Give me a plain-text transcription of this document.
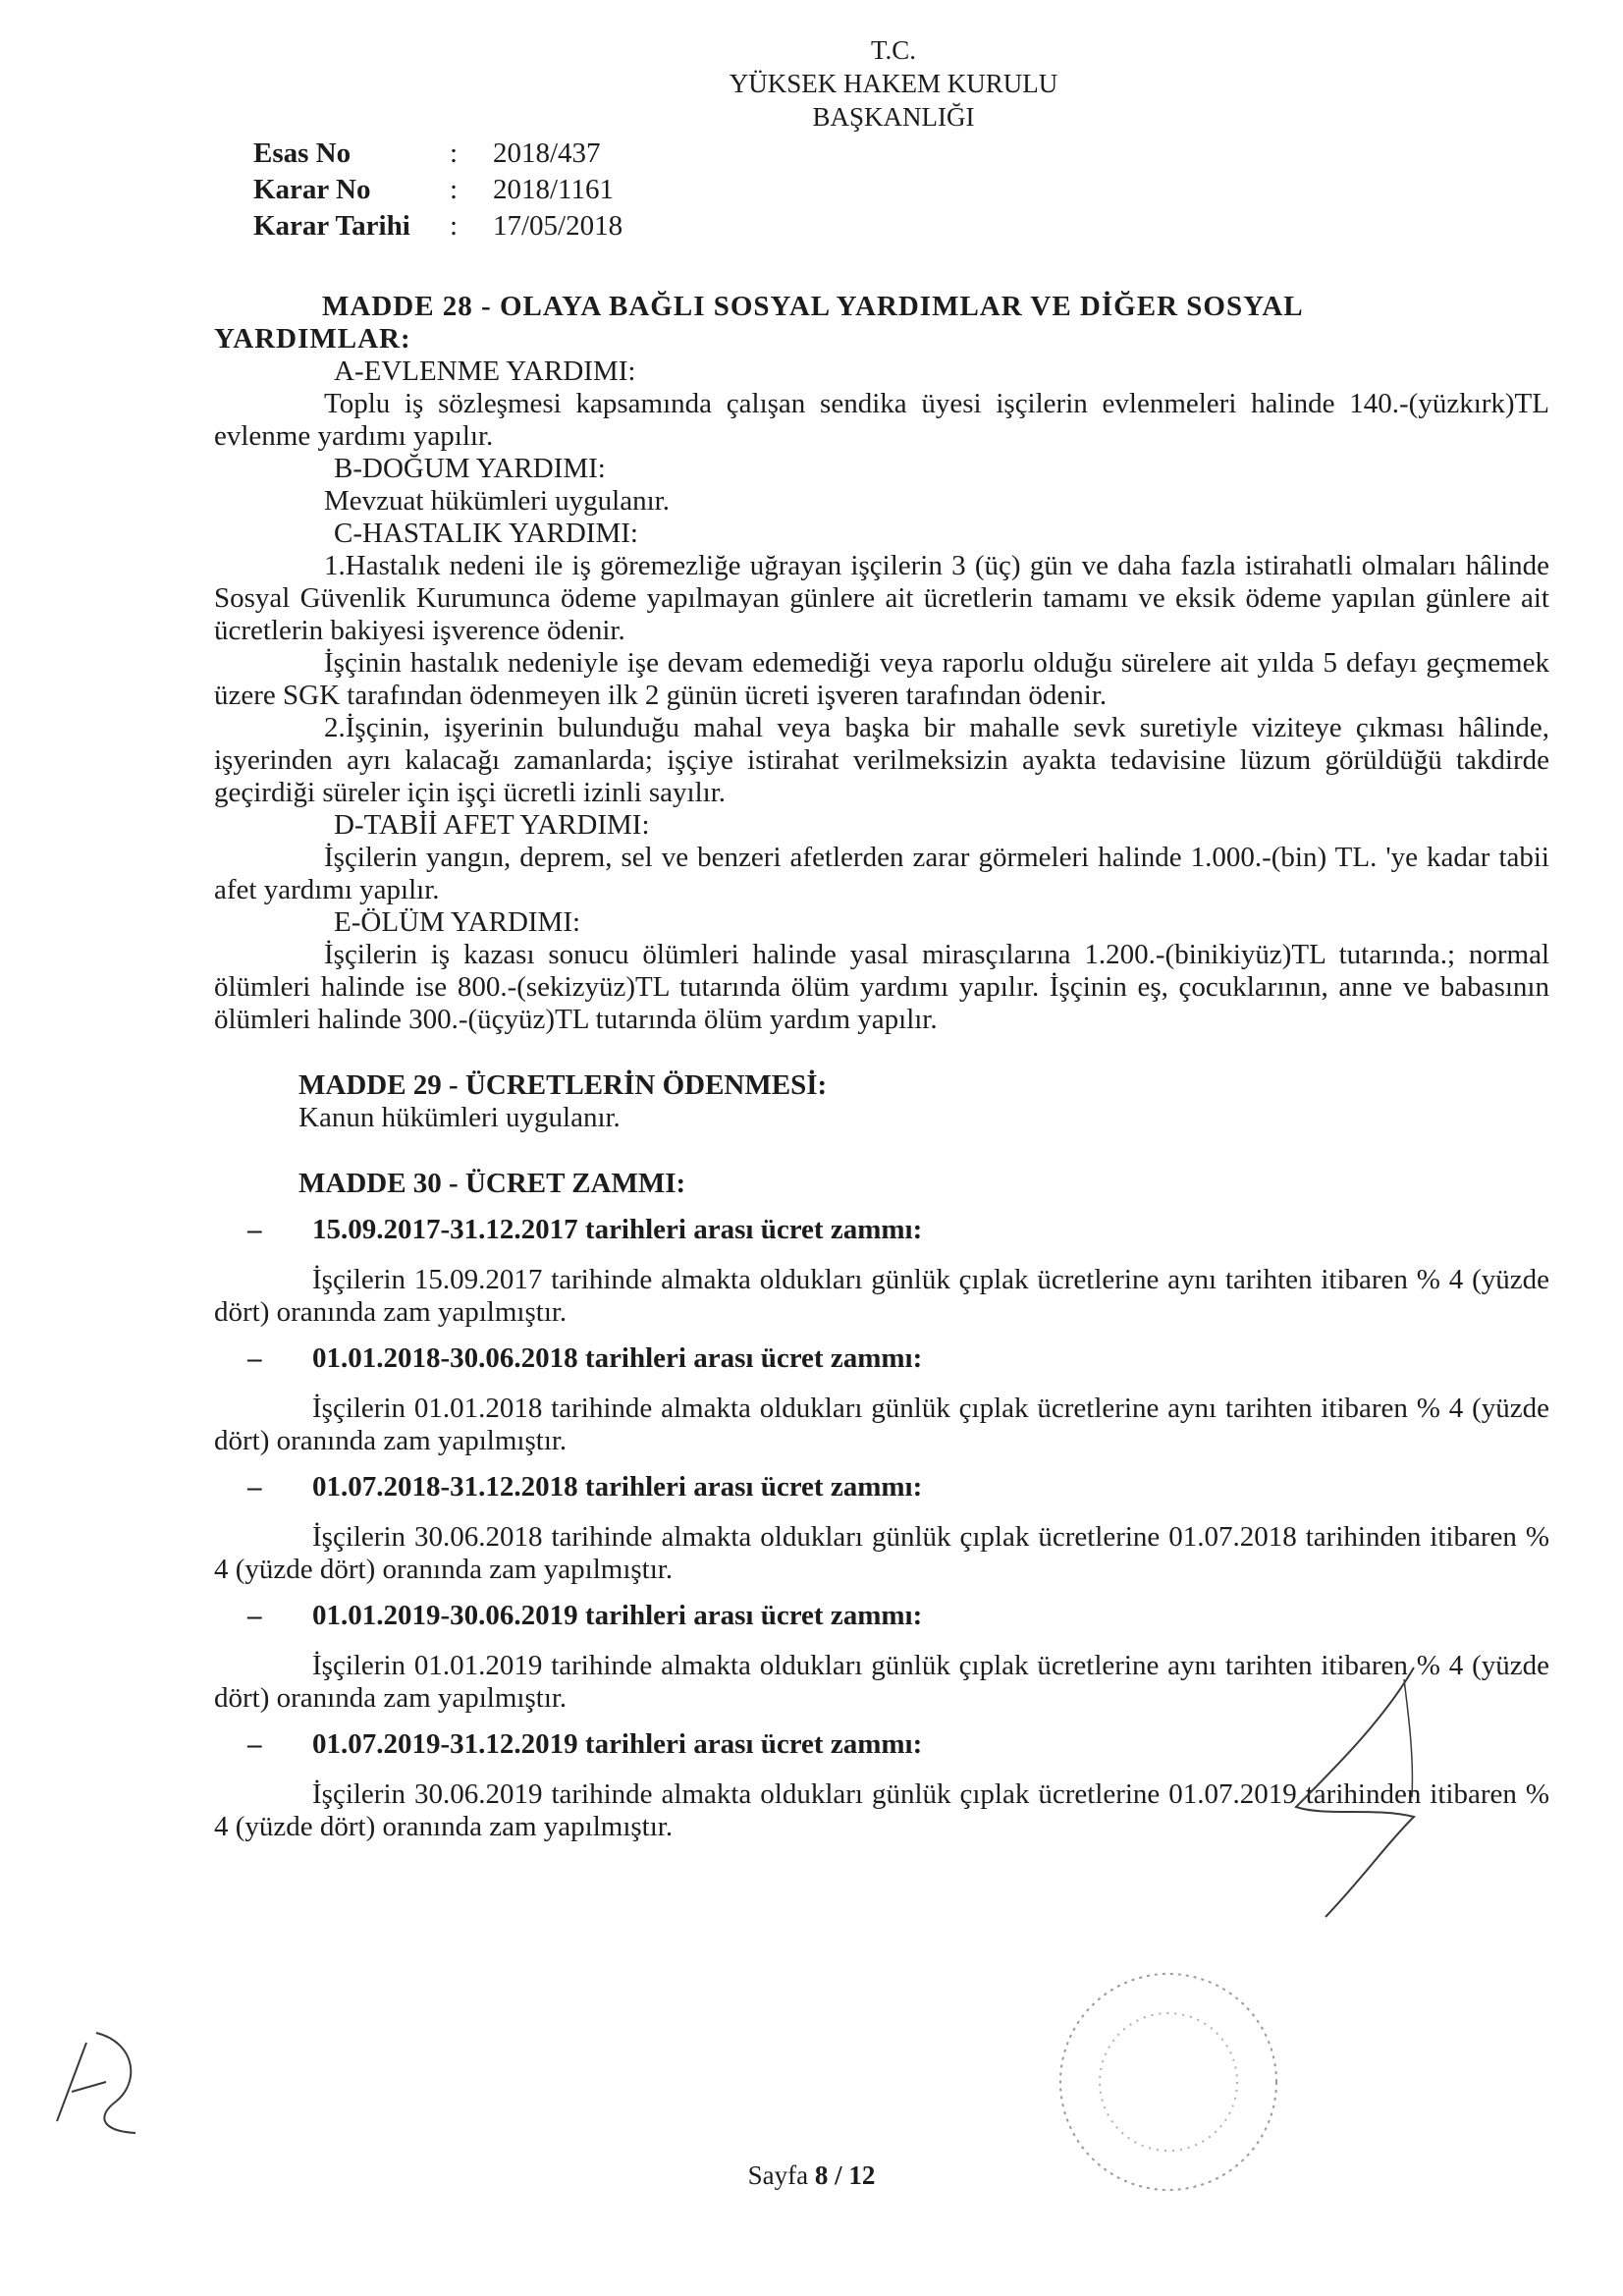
T.C.
YÜKSEK HAKEM KURULU
BAŞKANLIĞI
Esas No	:	2018/437
Karar No	:	2018/1161
Karar Tarihi	:	17/05/2018
MADDE 28 - OLAYA BAĞLI SOSYAL YARDIMLAR VE DİĞER SOSYAL
YARDIMLAR:
A-EVLENME YARDIMI:
Toplu iş sözleşmesi kapsamında çalışan sendika üyesi işçilerin evlenmeleri halinde 140.-(yüzkırk)TL evlenme yardımı yapılır.
B-DOĞUM YARDIMI:
Mevzuat hükümleri uygulanır.
C-HASTALIK YARDIMI:
1.Hastalık nedeni ile iş göremezliğe uğrayan işçilerin 3 (üç) gün ve daha fazla istirahatli olmaları hâlinde Sosyal Güvenlik Kurumunca ödeme yapılmayan günlere ait ücretlerin tamamı ve eksik ödeme yapılan günlere ait ücretlerin bakiyesi işverence ödenir.
İşçinin hastalık nedeniyle işe devam edemediği veya raporlu olduğu sürelere ait yılda 5 defayı geçmemek üzere SGK tarafından ödenmeyen ilk 2 günün ücreti işveren tarafından ödenir.
2.İşçinin, işyerinin bulunduğu mahal veya başka bir mahalle sevk suretiyle viziteye çıkması hâlinde, işyerinden ayrı kalacağı zamanlarda; işçiye istirahat verilmeksizin ayakta tedavisine lüzum görüldüğü takdirde geçirdiği süreler için işçi ücretli izinli sayılır.
D-TABİİ AFET YARDIMI:
İşçilerin yangın, deprem, sel ve benzeri afetlerden zarar görmeleri halinde 1.000.-(bin) TL. 'ye kadar tabii afet yardımı yapılır.
E-ÖLÜM YARDIMI:
İşçilerin iş kazası sonucu ölümleri halinde yasal mirasçılarına 1.200.-(binikiyüz)TL tutarında.; normal ölümleri halinde ise 800.-(sekizyüz)TL tutarında ölüm yardımı yapılır. İşçinin eş, çocuklarının, anne ve babasının ölümleri halinde 300.-(üçyüz)TL tutarında ölüm yardım yapılır.
MADDE 29 - ÜCRETLERİN ÖDENMESİ:
Kanun hükümleri uygulanır.
MADDE 30 - ÜCRET ZAMMI:
–	15.09.2017-31.12.2017 tarihleri arası ücret zammı:
İşçilerin 15.09.2017 tarihinde almakta oldukları günlük çıplak ücretlerine aynı tarihten itibaren % 4 (yüzde dört) oranında zam yapılmıştır.
–	01.01.2018-30.06.2018 tarihleri arası ücret zammı:
İşçilerin 01.01.2018 tarihinde almakta oldukları günlük çıplak ücretlerine aynı tarihten itibaren % 4 (yüzde dört) oranında zam yapılmıştır.
–	01.07.2018-31.12.2018 tarihleri arası ücret zammı:
İşçilerin 30.06.2018 tarihinde almakta oldukları günlük çıplak ücretlerine 01.07.2018 tarihinden itibaren % 4 (yüzde dört) oranında zam yapılmıştır.
–	01.01.2019-30.06.2019 tarihleri arası ücret zammı:
İşçilerin 01.01.2019 tarihinde almakta oldukları günlük çıplak ücretlerine aynı tarihten itibaren % 4 (yüzde dört) oranında zam yapılmıştır.
–	01.07.2019-31.12.2019 tarihleri arası ücret zammı:
İşçilerin 30.06.2019 tarihinde almakta oldukları günlük çıplak ücretlerine 01.07.2019 tarihinden itibaren % 4 (yüzde dört) oranında zam yapılmıştır.
Sayfa 8 / 12
